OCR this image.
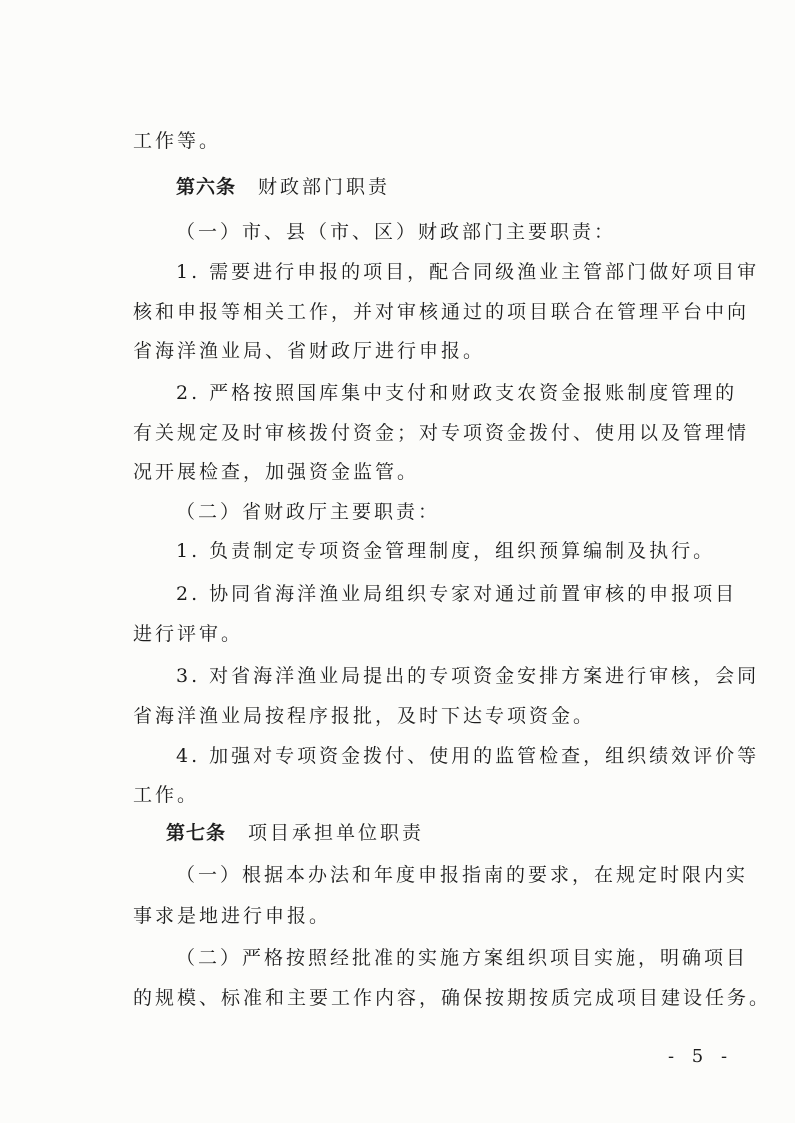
工作等。
第六条 财政部门职责
（一）市、县（市、区）财政部门主要职责：
1. 需要进行申报的项目，配合同级渔业主管部门做好项目审
核和申报等相关工作，并对审核通过的项目联合在管理平台中向
省海洋渔业局、省财政厅进行申报。
2. 严格按照国库集中支付和财政支农资金报账制度管理的
有关规定及时审核拨付资金；对专项资金拨付、使用以及管理情
况开展检查，加强资金监管。
（二）省财政厅主要职责：
1. 负责制定专项资金管理制度，组织预算编制及执行。
2. 协同省海洋渔业局组织专家对通过前置审核的申报项目
进行评审。
3. 对省海洋渔业局提出的专项资金安排方案进行审核，会同
省海洋渔业局按程序报批，及时下达专项资金。
4. 加强对专项资金拨付、使用的监管检查，组织绩效评价等
工作。
第七条 项目承担单位职责
（一）根据本办法和年度申报指南的要求，在规定时限内实
事求是地进行申报。
（二）严格按照经批准的实施方案组织项目实施，明确项目
的规模、标准和主要工作内容，确保按期按质完成项目建设任务。
- 5 -
